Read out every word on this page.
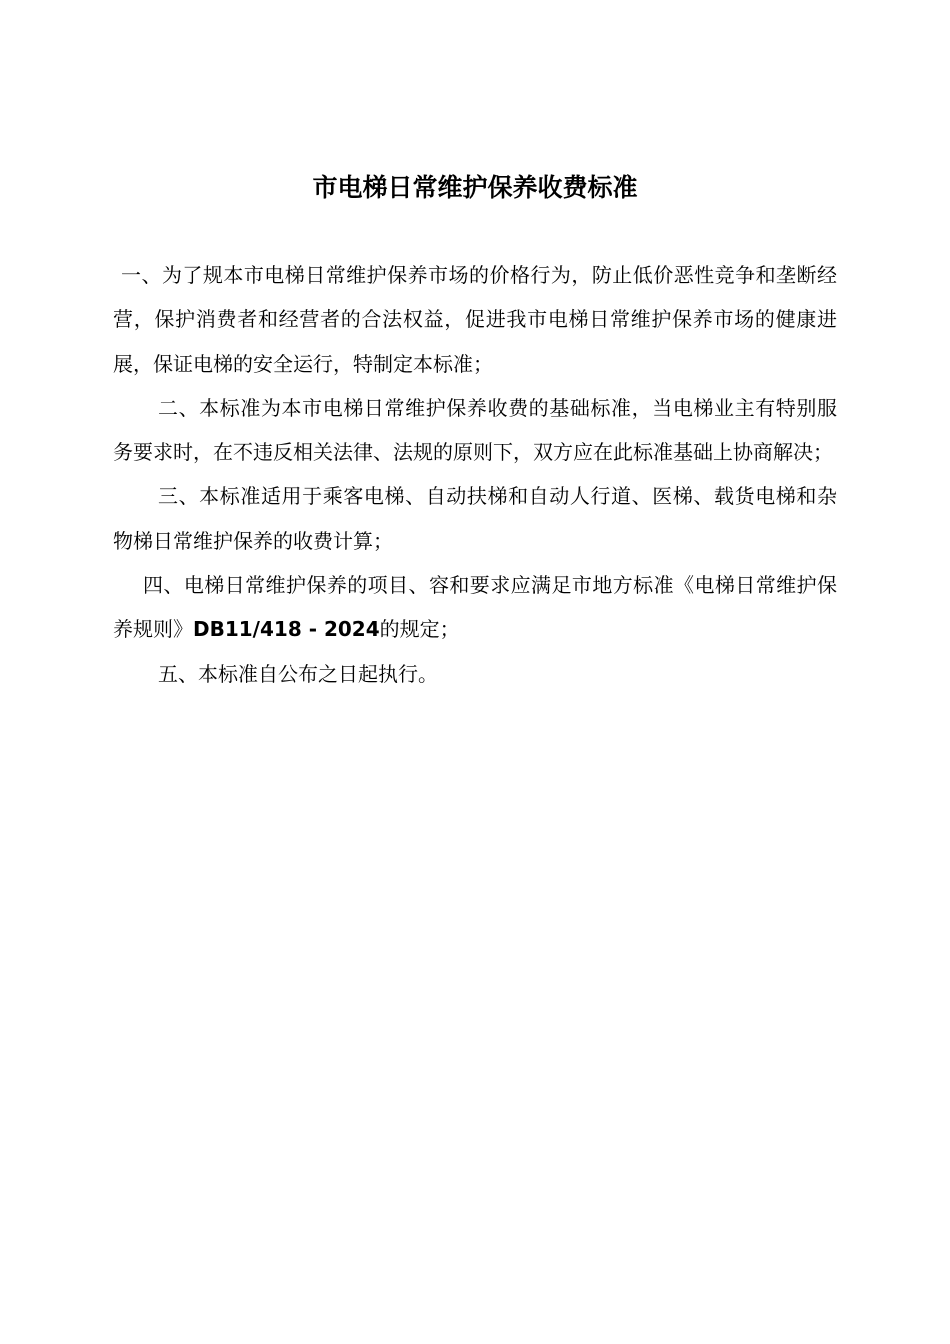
市电梯日常维护保养收费标准

一、为了规本市电梯日常维护保养市场的价格行为，防止低价恶性竞争和垄断经营，保护消费者和经营者的合法权益，促进我市电梯日常维护保养市场的健康进展，保证电梯的安全运行，特制定本标准；

二、本标准为本市电梯日常维护保养收费的基础标准，当电梯业主有特别服务要求时，在不违反相关法律、法规的原则下，双方应在此标准基础上协商解决；

三、本标准适用于乘客电梯、自动扶梯和自动人行道、医梯、载货电梯和杂物梯日常维护保养的收费计算；

四、电梯日常维护保养的项目、容和要求应满足市地方标准《电梯日常维护保养规则》DB11/418 - 2024的规定；

五、本标准自公布之日起执行。
